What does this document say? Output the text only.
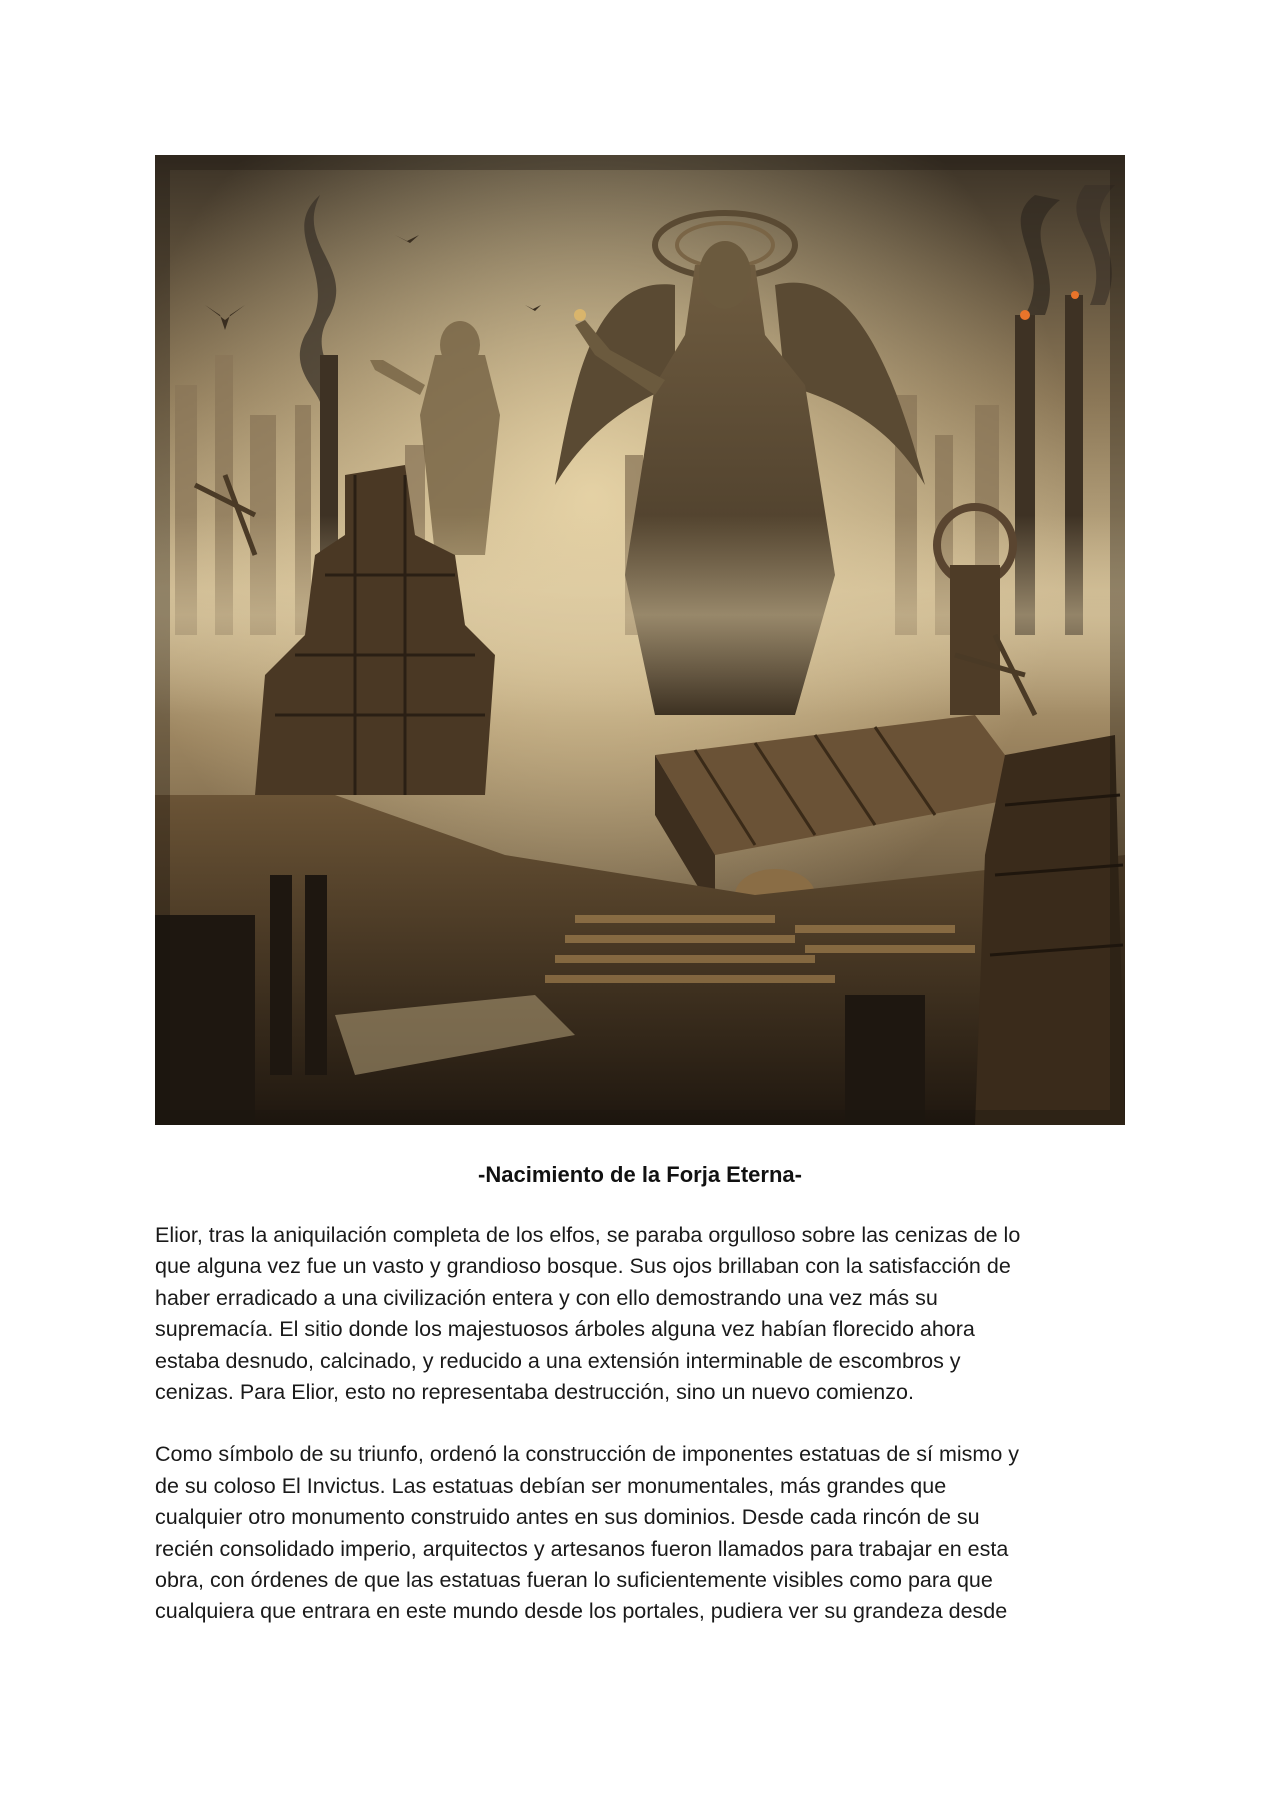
-Nacimiento de la Forja Eterna-

Elior, tras la aniquilación completa de los elfos, se paraba orgulloso sobre las cenizas de lo
que alguna vez fue un vasto y grandioso bosque. Sus ojos brillaban con la satisfacción de
haber erradicado a una civilización entera y con ello demostrando una vez más su
supremacía. El sitio donde los majestuosos árboles alguna vez habían florecido ahora
estaba desnudo, calcinado, y reducido a una extensión interminable de escombros y
cenizas. Para Elior, esto no representaba destrucción, sino un nuevo comienzo.

Como símbolo de su triunfo, ordenó la construcción de imponentes estatuas de sí mismo y
de su coloso El Invictus. Las estatuas debían ser monumentales, más grandes que
cualquier otro monumento construido antes en sus dominios. Desde cada rincón de su
recién consolidado imperio, arquitectos y artesanos fueron llamados para trabajar en esta
obra, con órdenes de que las estatuas fueran lo suficientemente visibles como para que
cualquiera que entrara en este mundo desde los portales, pudiera ver su grandeza desde
